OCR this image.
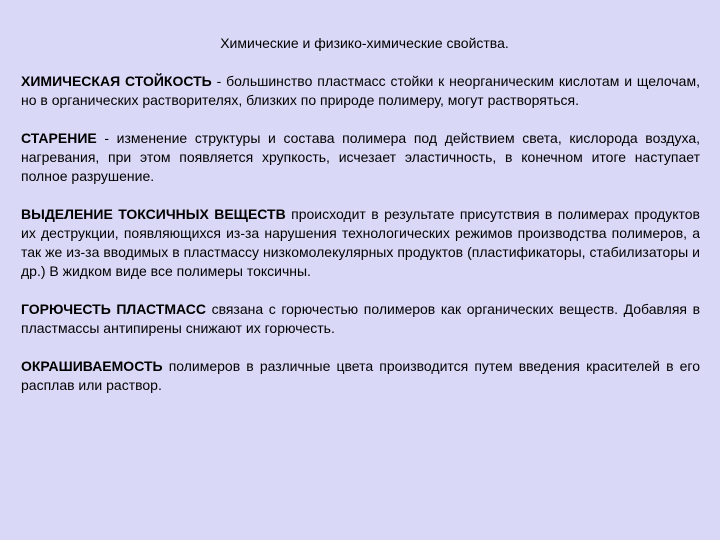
Химические и физико-химические свойства.

ХИМИЧЕСКАЯ СТОЙКОСТЬ - большинство пластмасс стойки к неорганическим кислотам и щелочам, но в органических растворителях, близких по природе полимеру, могут растворяться.

СТАРЕНИЕ - изменение структуры и состава полимера под действием света, кислорода воздуха, нагревания, при этом появляется хрупкость, исчезает эластичность, в конечном итоге наступает полное разрушение.

ВЫДЕЛЕНИЕ ТОКСИЧНЫХ ВЕЩЕСТВ происходит в результате присутствия в полимерах продуктов их деструкции, появляющихся из-за нарушения технологических режимов производства полимеров, а так же из-за вводимых в пластмассу низкомолекулярных продуктов (пластификаторы, стабилизаторы и др.) В жидком виде все полимеры токсичны.

ГОРЮЧЕСТЬ ПЛАСТМАСС связана с горючестью полимеров как органических веществ. Добавляя в пластмассы антипирены снижают их горючесть.

ОКРАШИВАЕМОСТЬ полимеров в различные цвета производится путем введения красителей в его расплав или раствор.
